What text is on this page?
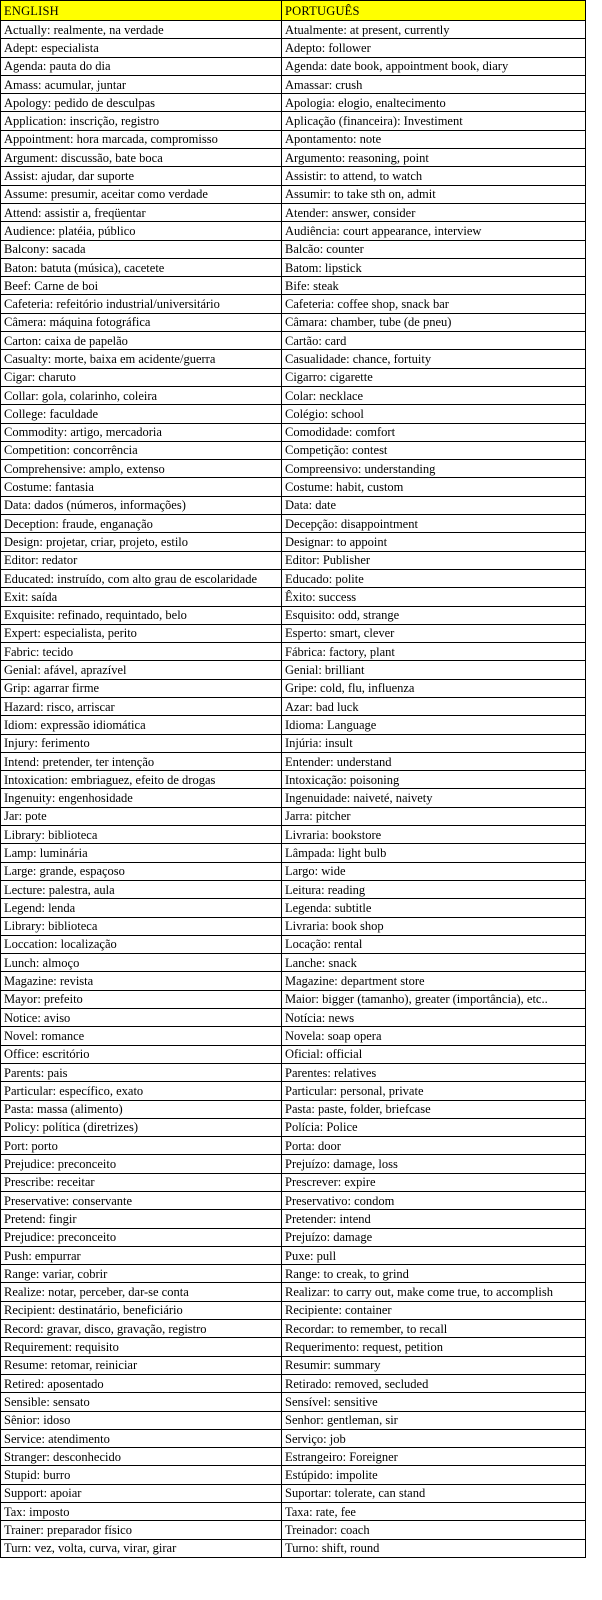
ENGLISH	PORTUGUÊS
Actually: realmente, na verdade	Atualmente: at present, currently
Adept: especialista	Adepto: follower
Agenda: pauta do dia	Agenda: date book, appointment book, diary
Amass: acumular, juntar	Amassar: crush
Apology: pedido de desculpas	Apologia: elogio, enaltecimento
Application: inscrição, registro	Aplicação (financeira): Investiment
Appointment: hora marcada, compromisso	Apontamento: note
Argument: discussão, bate boca	Argumento: reasoning, point
Assist: ajudar, dar suporte	Assistir: to attend, to watch
Assume: presumir, aceitar como verdade	Assumir: to take sth on, admit
Attend: assistir a, freqüentar	Atender: answer, consider
Audience: platéia, público	Audiência: court appearance, interview
Balcony: sacada	Balcão: counter
Baton: batuta (música), cacetete	Batom: lipstick
Beef: Carne de boi	Bife: steak
Cafeteria: refeitório industrial/universitário	Cafeteria: coffee shop, snack bar
Câmera: máquina fotográfica	Câmara: chamber, tube (de pneu)
Carton: caixa de papelão	Cartão: card
Casualty: morte, baixa em acidente/guerra	Casualidade: chance, fortuity
Cigar: charuto	Cigarro: cigarette
Collar: gola, colarinho, coleira	Colar: necklace
College: faculdade	Colégio: school
Commodity: artigo, mercadoria	Comodidade: comfort
Competition: concorrência	Competição: contest
Comprehensive: amplo, extenso	Compreensivo: understanding
Costume: fantasia	Costume: habit, custom
Data: dados (números, informações)	Data: date
Deception: fraude, enganação	Decepção: disappointment
Design: projetar, criar, projeto, estilo	Designar: to appoint
Editor: redator	Editor: Publisher
Educated: instruído, com alto grau de escolaridade	Educado: polite
Exit: saída	Êxito: success
Exquisite: refinado, requintado, belo	Esquisito: odd, strange
Expert: especialista, perito	Esperto: smart, clever
Fabric: tecido	Fábrica: factory, plant
Genial: afável, aprazível	Genial: brilliant
Grip: agarrar firme	Gripe: cold, flu, influenza
Hazard: risco, arriscar	Azar: bad luck
Idiom: expressão idiomática	Idioma: Language
Injury: ferimento	Injúria: insult
Intend: pretender, ter intenção	Entender: understand
Intoxication: embriaguez, efeito de drogas	Intoxicação: poisoning
Ingenuity: engenhosidade	Ingenuidade: naiveté, naivety
Jar: pote	Jarra: pitcher
Library: biblioteca	Livraria: bookstore
Lamp: luminária	Lâmpada: light bulb
Large: grande, espaçoso	Largo: wide
Lecture: palestra, aula	Leitura: reading
Legend: lenda	Legenda: subtitle
Library: biblioteca	Livraria: book shop
Loccation: localização	Locação: rental
Lunch: almoço	Lanche: snack
Magazine: revista	Magazine: department store
Mayor: prefeito	Maior: bigger (tamanho), greater (importância), etc..
Notice: aviso	Notícia: news
Novel: romance	Novela: soap opera
Office: escritório	Oficial: official
Parents: pais	Parentes: relatives
Particular: específico, exato	Particular: personal, private
Pasta: massa (alimento)	Pasta: paste, folder, briefcase
Policy: política (diretrizes)	Polícia: Police
Port: porto	Porta: door
Prejudice: preconceito	Prejuízo: damage, loss
Prescribe: receitar	Prescrever: expire
Preservative: conservante	Preservativo: condom
Pretend: fingir	Pretender: intend
Prejudice: preconceito	Prejuízo: damage
Push: empurrar	Puxe: pull
Range: variar, cobrir	Range: to creak, to grind
Realize: notar, perceber, dar-se conta	Realizar: to carry out, make come true, to accomplish
Recipient: destinatário, beneficiário	Recipiente: container
Record: gravar, disco, gravação, registro	Recordar: to remember, to recall
Requirement: requisito	Requerimento: request, petition
Resume: retomar, reiniciar	Resumir: summary
Retired: aposentado	Retirado: removed, secluded
Sensible: sensato	Sensível: sensitive
Sênior: idoso	Senhor: gentleman, sir
Service: atendimento	Serviço: job
Stranger: desconhecido	Estrangeiro: Foreigner
Stupid: burro	Estúpido: impolite
Support: apoiar	Suportar: tolerate, can stand
Tax: imposto	Taxa: rate, fee
Trainer: preparador físico	Treinador: coach
Turn: vez, volta, curva, virar, girar	Turno: shift, round
